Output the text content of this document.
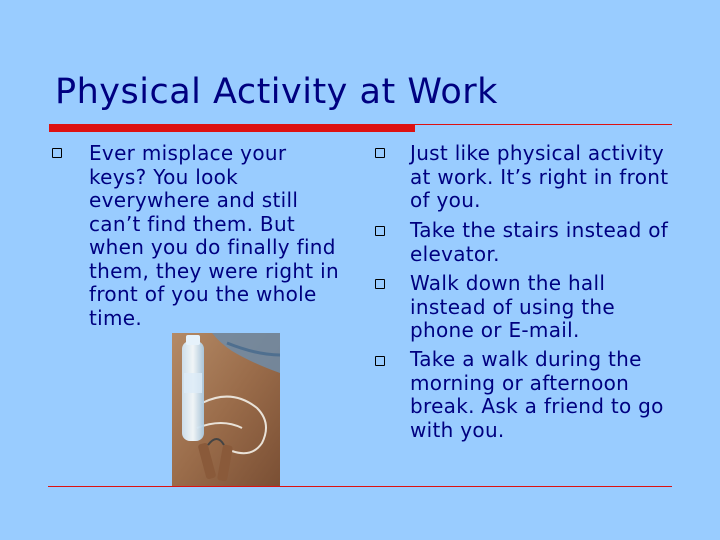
Physical Activity at Work

Ever misplace your keys? You look everywhere and still can’t find them. But when you do finally find them, they were right in front of you the whole time.

Just like physical activity at work. It’s right in front of you.

Take the stairs instead of elevator.

Walk down the hall instead of using the phone or E-mail.

Take a walk during the morning or afternoon break. Ask a friend to go with you.
